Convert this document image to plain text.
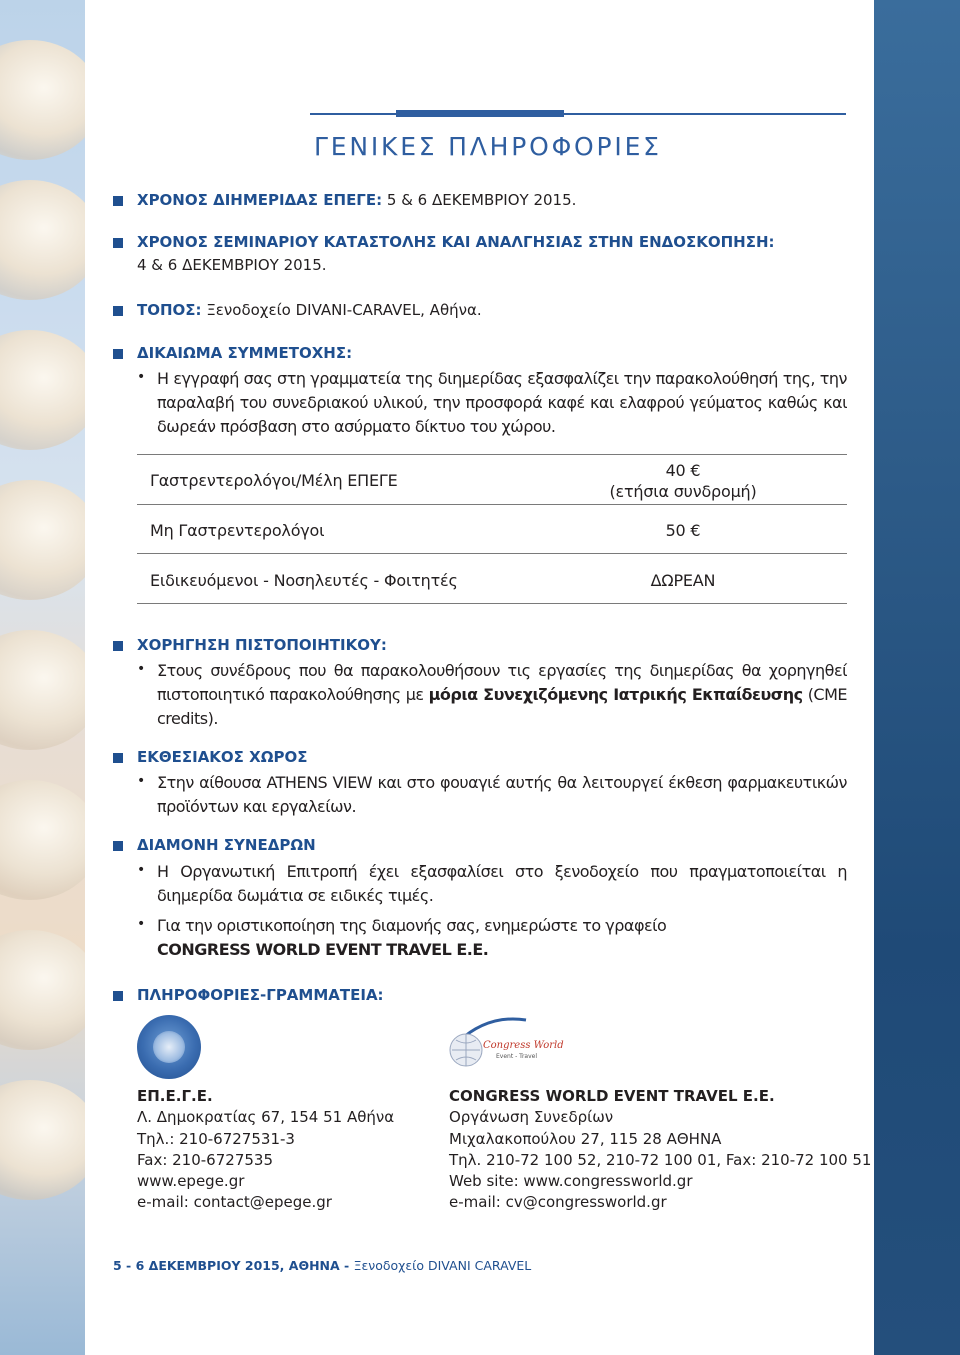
ΓΕΝΙΚΕΣ ΠΛΗΡΟΦΟΡΙΕΣ
ΧΡΟΝΟΣ ΔΙΗΜΕΡΙΔΑΣ ΕΠΕΓΕ: 5 & 6 ΔΕΚΕΜΒΡΙΟΥ 2015.
ΧΡΟΝΟΣ ΣΕΜΙΝΑΡΙΟΥ ΚΑΤΑΣΤΟΛΗΣ ΚΑΙ ΑΝΑΛΓΗΣΙΑΣ ΣΤΗΝ ΕΝΔΟΣΚΟΠΗΣΗ:
4 & 6 ΔΕΚΕΜΒΡΙΟΥ 2015.
ΤΟΠΟΣ: Ξενοδοχείο DIVANI-CARAVEL, Αθήνα.
ΔΙΚΑΙΩΜΑ ΣΥΜΜΕΤΟΧΗΣ:
• Η εγγραφή σας στη γραμματεία της διημερίδας εξασφαλίζει την παρακολούθησή της, την παραλαβή του συνεδριακού υλικού, την προσφορά καφέ και ελαφρού γεύματος καθώς και δωρεάν πρόσβαση στο ασύρματο δίκτυο του χώρου.
Γαστρεντερολόγοι/Μέλη ΕΠΕΓΕ
40 €
(ετήσια συνδρομή)
Μη Γαστρεντερολόγοι	50 €
Ειδικευόμενοι - Νοσηλευτές - Φοιτητές	ΔΩΡΕΑΝ
ΧΟΡΗΓΗΣΗ ΠΙΣΤΟΠΟΙΗΤΙΚΟΥ:
• Στους συνέδρους που θα παρακολουθήσουν τις εργασίες της διημερίδας θα χορηγηθεί πιστοποιητικό παρακολούθησης με μόρια Συνεχιζόμενης Ιατρικής Εκπαίδευσης (CME credits).
ΕΚΘΕΣΙΑΚΟΣ ΧΩΡΟΣ
• Στην αίθουσα ATHENS VIEW και στο φουαγιέ αυτής θα λειτουργεί έκθεση φαρμακευτικών προϊόντων και εργαλείων.
ΔΙΑΜΟΝΗ ΣΥΝΕΔΡΩΝ
• Η Οργανωτική Επιτροπή έχει εξασφαλίσει στο ξενοδοχείο που πραγματοποιείται η διημερίδα δωμάτια σε ειδικές τιμές.
• Για την οριστικοποίηση της διαμονής σας, ενημερώστε το γραφείο
CONGRESS WORLD EVENT TRAVEL E.E.
ΠΛΗΡΟΦΟΡΙΕΣ-ΓΡΑΜΜΑΤΕΙΑ:
Congress World
Event - Travel
ΕΠ.Ε.Γ.Ε.
Λ. Δημοκρατίας 67, 154 51 Αθήνα
Τηλ.: 210-6727531-3
Fax: 210-6727535
www.epege.gr
e-mail: contact@epege.gr
CONGRESS WORLD EVENT TRAVEL E.E.
Οργάνωση Συνεδρίων
Μιχαλακοπούλου 27, 115 28 ΑΘΗΝΑ
Τηλ. 210-72 100 52, 210-72 100 01, Fax: 210-72 100 51
Web site: www.congressworld.gr
e-mail: cv@congressworld.gr
5 - 6 ΔΕΚΕΜΒΡΙΟΥ 2015, ΑΘΗΝΑ - Ξενοδοχείο DIVANI CARAVEL
